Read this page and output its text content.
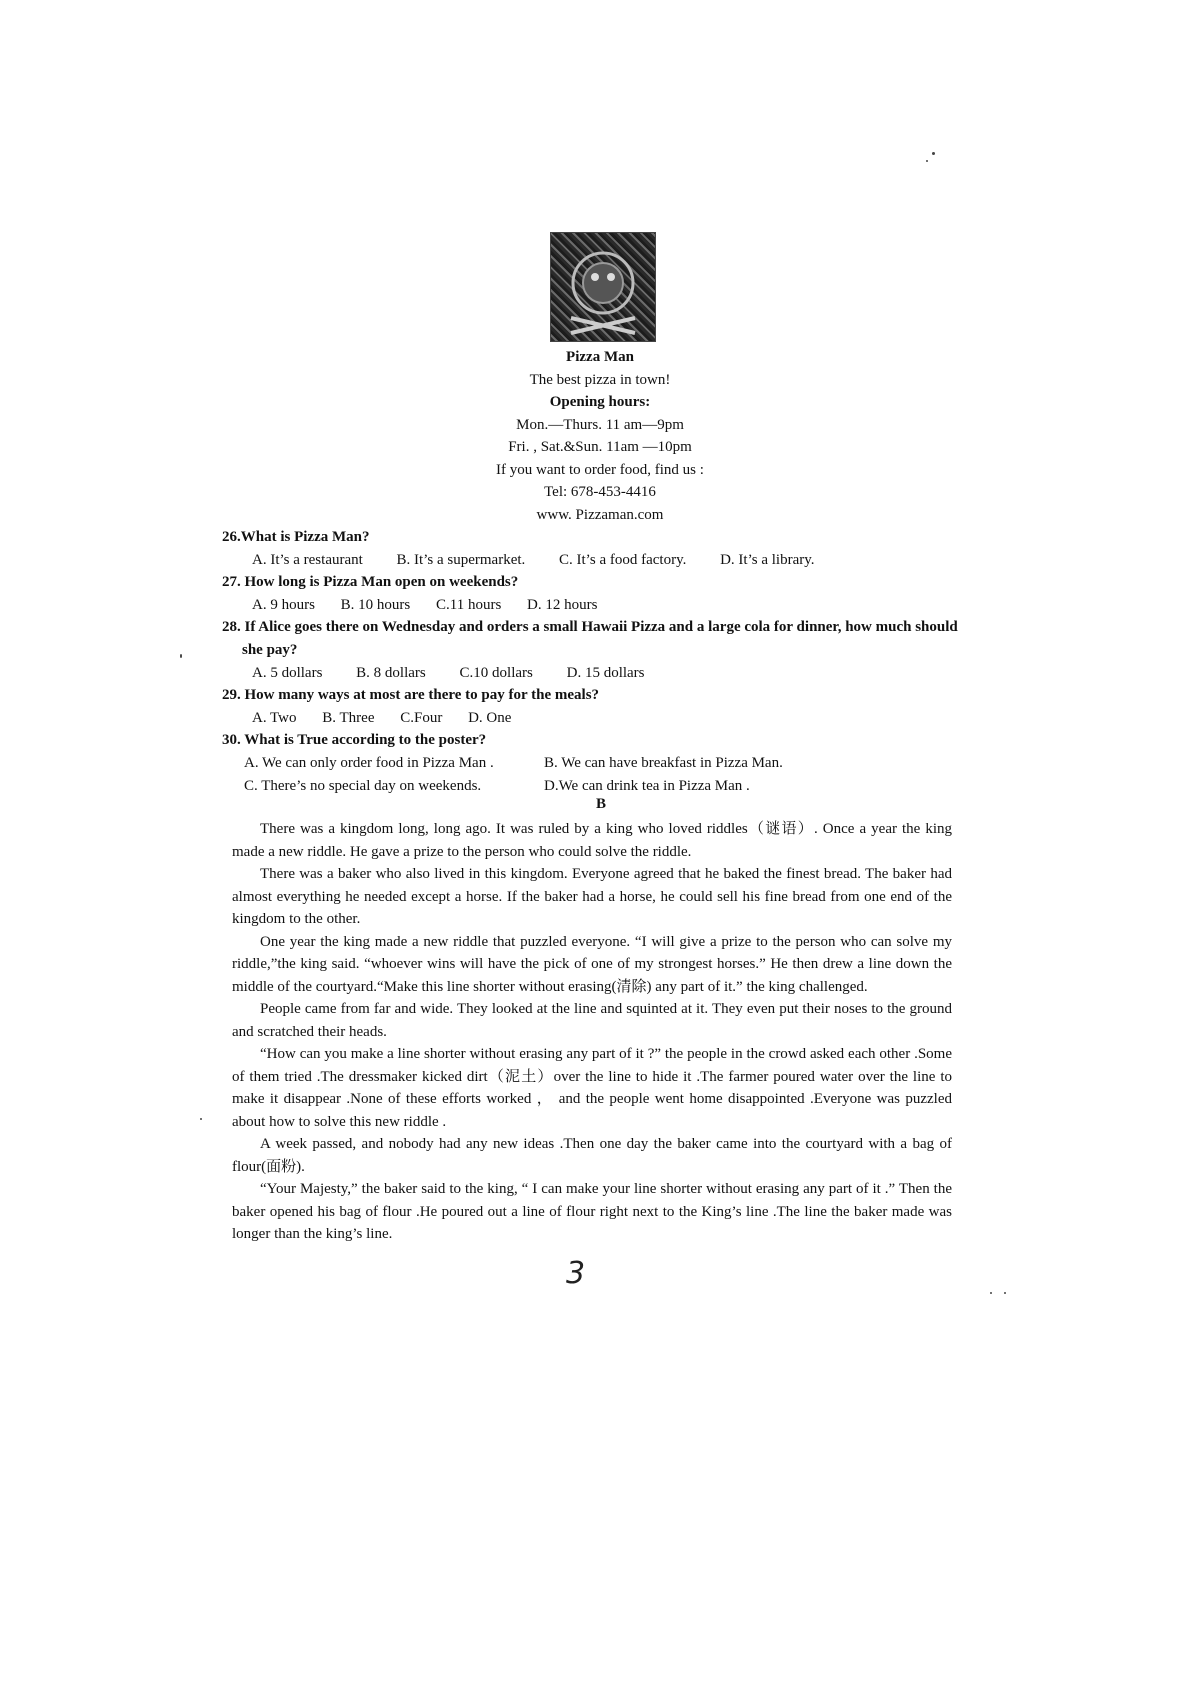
Pizza Man
The best pizza in town!
Opening hours:
Mon.—Thurs. 11 am—9pm
Fri. , Sat.&Sun. 11am —10pm
If you want to order food, find us :
Tel: 678-453-4416
www. Pizzaman.com
26.What is Pizza Man?
A. It’s a restaurant B. It’s a supermarket. C. It’s a food factory. D. It’s a library.
27. How long is Pizza Man open on weekends?
A. 9 hours B. 10 hours C.11 hours D. 12 hours
28. If Alice goes there on Wednesday and orders a small Hawaii Pizza and a large cola for dinner, how much should she pay?
A. 5 dollars B. 8 dollars C.10 dollars D. 15 dollars
29. How many ways at most are there to pay for the meals?
A. Two B. Three C.Four D. One
30. What is True according to the poster?
A. We can only order food in Pizza Man .	B. We can have breakfast in Pizza Man.
C. There’s no special day on weekends.	D.We can drink tea in Pizza Man .
B

There was a kingdom long, long ago. It was ruled by a king who loved riddles（谜语）. Once a year the king made a new riddle. He gave a prize to the person who could solve the riddle.

There was a baker who also lived in this kingdom. Everyone agreed that he baked the finest bread. The baker had almost everything he needed except a horse. If the baker had a horse, he could sell his fine bread from one end of the kingdom to the other.

One year the king made a new riddle that puzzled everyone. “I will give a prize to the person who can solve my riddle,”the king said. “whoever wins will have the pick of one of my strongest horses.” He then drew a line down the middle of the courtyard.“Make this line shorter without erasing(清除) any part of it.” the king challenged.

People came from far and wide. They looked at the line and squinted at it. They even put their noses to the ground and scratched their heads.

“How can you make a line shorter without erasing any part of it ?” the people in the crowd asked each other .Some of them tried .The dressmaker kicked dirt（泥土）over the line to hide it .The farmer poured water over the line to make it disappear .None of these efforts worked ， and the people went home disappointed .Everyone was puzzled about how to solve this new riddle .

A week passed, and nobody had any new ideas .Then one day the baker came into the courtyard with a bag of flour(面粉).

“Your Majesty,” the baker said to the king, “ I can make your line shorter without erasing any part of it .” Then the baker opened his bag of flour .He poured out a line of flour right next to the King’s line .The line the baker made was longer than the king’s line.

3
